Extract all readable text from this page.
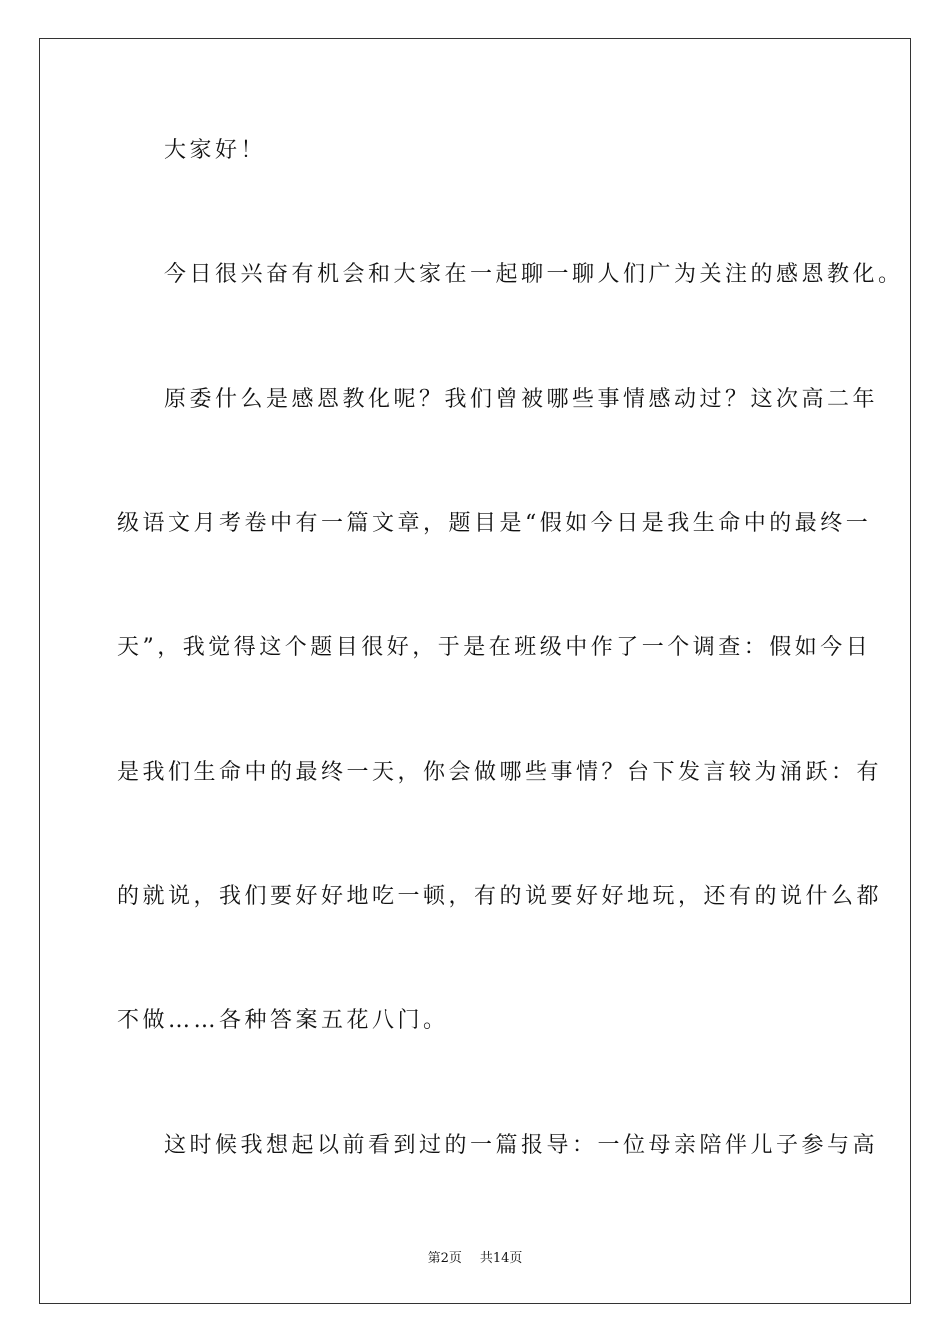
大家好！
今日很兴奋有机会和大家在一起聊一聊人们广为关注的感恩教化。
原委什么是感恩教化呢？我们曾被哪些事情感动过？这次高二年
级语文月考卷中有一篇文章，题目是“假如今日是我生命中的最终一
天”，我觉得这个题目很好，于是在班级中作了一个调查：假如今日
是我们生命中的最终一天，你会做哪些事情？台下发言较为涌跃：有
的就说，我们要好好地吃一顿，有的说要好好地玩，还有的说什么都
不做……各种答案五花八门。
这时候我想起以前看到过的一篇报导：一位母亲陪伴儿子参与高
第2页 共14页
